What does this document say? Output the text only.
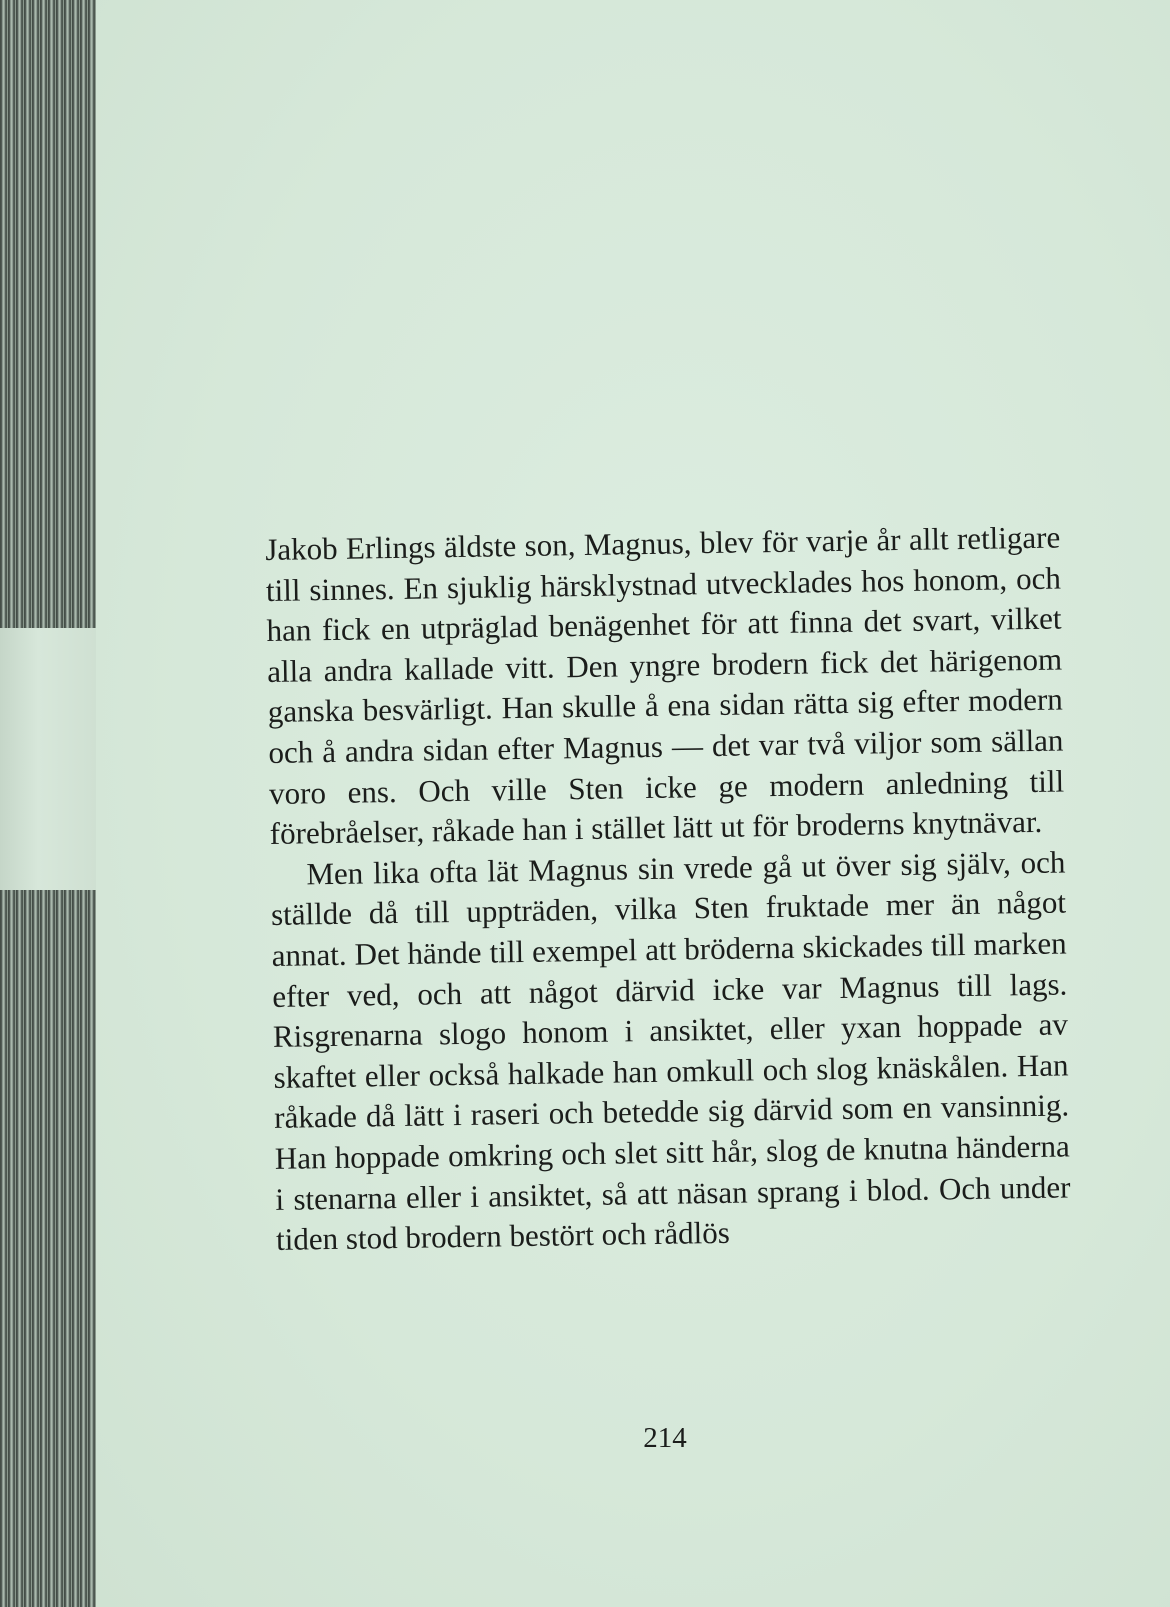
Jakob Erlings äldste son, Magnus, blev för varje år allt retligare till sinnes. En sjuklig härsklystnad utvecklades hos honom, och han fick en utpräglad benägenhet för att finna det svart, vilket alla andra kallade vitt. Den yngre brodern fick det härigenom ganska besvärligt. Han skulle å ena sidan rätta sig efter modern och å andra sidan efter Magnus — det var två viljor som sällan voro ens. Och ville Sten icke ge modern anledning till förebråelser, råkade han i stället lätt ut för broderns knytnävar.

Men lika ofta lät Magnus sin vrede gå ut över sig själv, och ställde då till uppträden, vilka Sten fruktade mer än något annat. Det hände till exempel att bröderna skickades till marken efter ved, och att något därvid icke var Magnus till lags. Risgrenarna slogo honom i ansiktet, eller yxan hoppade av skaftet eller också halkade han omkull och slog knäskålen. Han råkade då lätt i raseri och betedde sig därvid som en vansinnig. Han hoppade omkring och slet sitt hår, slog de knutna händerna i stenarna eller i ansiktet, så att näsan sprang i blod. Och under tiden stod brodern bestört och rådlös

214
